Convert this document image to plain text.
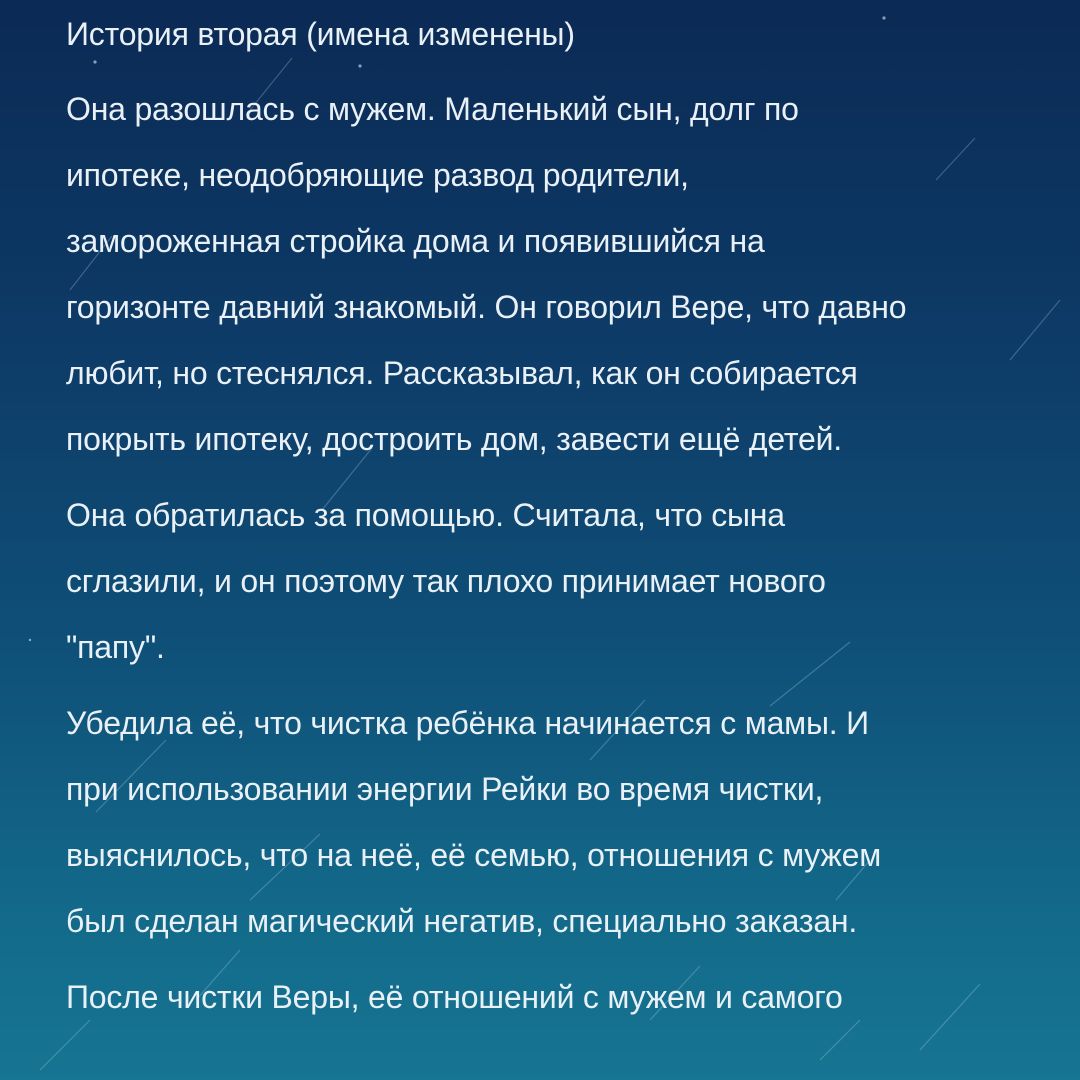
История вторая (имена изменены)

Она разошлась с мужем. Маленький сын, долг по
ипотеке, неодобряющие развод родители,
замороженная стройка дома и появившийся на
горизонте давний знакомый. Он говорил Вере, что давно
любит, но стеснялся. Рассказывал, как он собирается
покрыть ипотеку, достроить дом, завести ещё детей.

Она обратилась за помощью. Считала, что сына
сглазили, и он поэтому так плохо принимает нового
"папу".

Убедила её, что чистка ребёнка начинается с мамы. И
при использовании энергии Рейки во время чистки,
выяснилось, что на неё, её семью, отношения с мужем
был сделан магический негатив, специально заказан.

После чистки Веры, её отношений с мужем и самого
